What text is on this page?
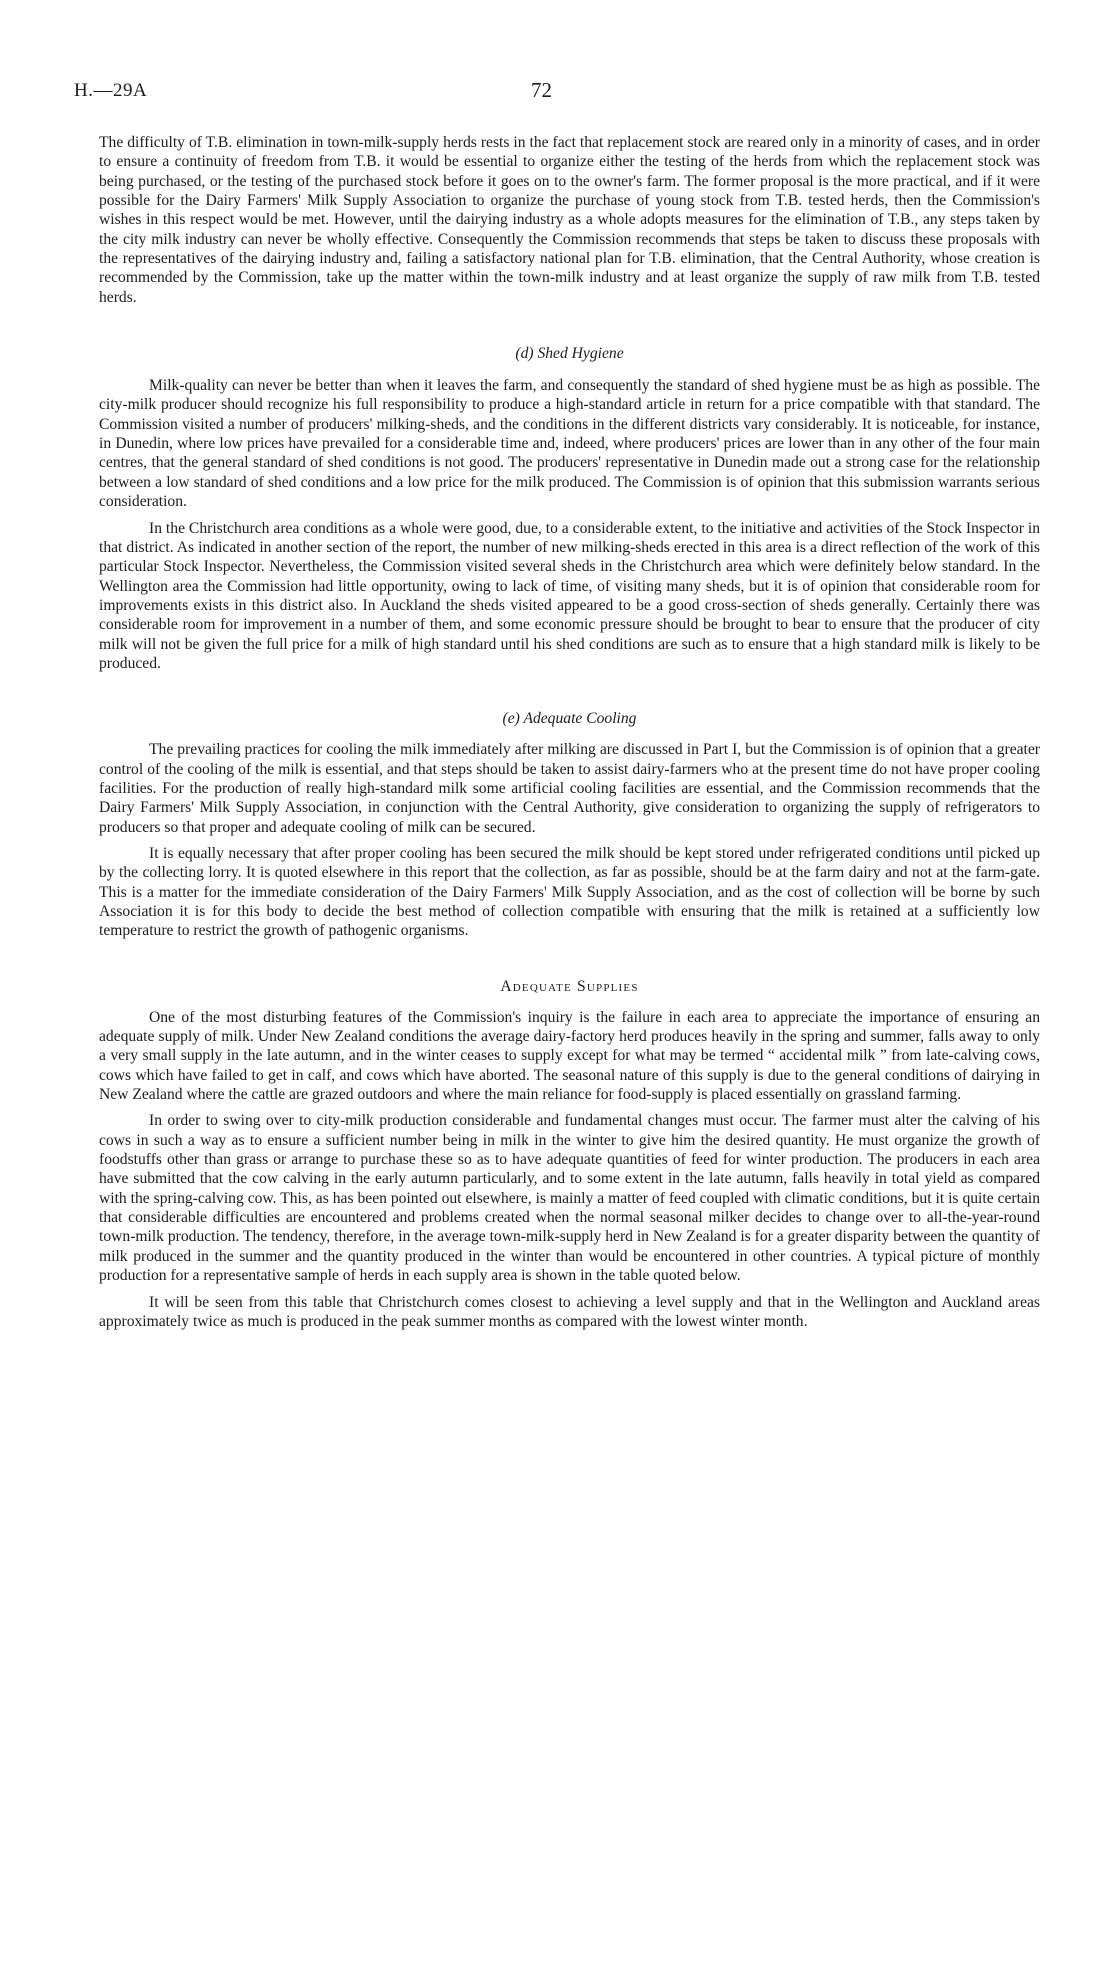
H.—29A	72

The difficulty of T.B. elimination in town-milk-supply herds rests in the fact that replacement stock are reared only in a minority of cases, and in order to ensure a continuity of freedom from T.B. it would be essential to organize either the testing of the herds from which the replacement stock was being purchased, or the testing of the purchased stock before it goes on to the owner's farm. The former proposal is the more practical, and if it were possible for the Dairy Farmers' Milk Supply Association to organize the purchase of young stock from T.B. tested herds, then the Commission's wishes in this respect would be met. However, until the dairying industry as a whole adopts measures for the elimination of T.B., any steps taken by the city milk industry can never be wholly effective. Consequently the Commission recommends that steps be taken to discuss these proposals with the representatives of the dairying industry and, failing a satisfactory national plan for T.B. elimination, that the Central Authority, whose creation is recommended by the Commission, take up the matter within the town-milk industry and at least organize the supply of raw milk from T.B. tested herds.

(d) Shed Hygiene

Milk-quality can never be better than when it leaves the farm, and consequently the standard of shed hygiene must be as high as possible. The city-milk producer should recognize his full responsibility to produce a high-standard article in return for a price compatible with that standard. The Commission visited a number of producers' milking-sheds, and the conditions in the different districts vary considerably. It is noticeable, for instance, in Dunedin, where low prices have prevailed for a considerable time and, indeed, where producers' prices are lower than in any other of the four main centres, that the general standard of shed conditions is not good. The producers' representative in Dunedin made out a strong case for the relationship between a low standard of shed conditions and a low price for the milk produced. The Commission is of opinion that this submission warrants serious consideration.

In the Christchurch area conditions as a whole were good, due, to a considerable extent, to the initiative and activities of the Stock Inspector in that district. As indicated in another section of the report, the number of new milking-sheds erected in this area is a direct reflection of the work of this particular Stock Inspector. Nevertheless, the Commission visited several sheds in the Christchurch area which were definitely below standard. In the Wellington area the Commission had little opportunity, owing to lack of time, of visiting many sheds, but it is of opinion that considerable room for improvements exists in this district also. In Auckland the sheds visited appeared to be a good cross-section of sheds generally. Certainly there was considerable room for improvement in a number of them, and some economic pressure should be brought to bear to ensure that the producer of city milk will not be given the full price for a milk of high standard until his shed conditions are such as to ensure that a high standard milk is likely to be produced.

(e) Adequate Cooling

The prevailing practices for cooling the milk immediately after milking are discussed in Part I, but the Commission is of opinion that a greater control of the cooling of the milk is essential, and that steps should be taken to assist dairy-farmers who at the present time do not have proper cooling facilities. For the production of really high-standard milk some artificial cooling facilities are essential, and the Commission recommends that the Dairy Farmers' Milk Supply Association, in conjunction with the Central Authority, give consideration to organizing the supply of refrigerators to producers so that proper and adequate cooling of milk can be secured.

It is equally necessary that after proper cooling has been secured the milk should be kept stored under refrigerated conditions until picked up by the collecting lorry. It is quoted elsewhere in this report that the collection, as far as possible, should be at the farm dairy and not at the farm-gate. This is a matter for the immediate consideration of the Dairy Farmers' Milk Supply Association, and as the cost of collection will be borne by such Association it is for this body to decide the best method of collection compatible with ensuring that the milk is retained at a sufficiently low temperature to restrict the growth of pathogenic organisms.

Adequate Supplies

One of the most disturbing features of the Commission's inquiry is the failure in each area to appreciate the importance of ensuring an adequate supply of milk. Under New Zealand conditions the average dairy-factory herd produces heavily in the spring and summer, falls away to only a very small supply in the late autumn, and in the winter ceases to supply except for what may be termed “ accidental milk ” from late-calving cows, cows which have failed to get in calf, and cows which have aborted. The seasonal nature of this supply is due to the general conditions of dairying in New Zealand where the cattle are grazed outdoors and where the main reliance for food-supply is placed essentially on grassland farming.

In order to swing over to city-milk production considerable and fundamental changes must occur. The farmer must alter the calving of his cows in such a way as to ensure a sufficient number being in milk in the winter to give him the desired quantity. He must organize the growth of foodstuffs other than grass or arrange to purchase these so as to have adequate quantities of feed for winter production. The producers in each area have submitted that the cow calving in the early autumn particularly, and to some extent in the late autumn, falls heavily in total yield as compared with the spring-calving cow. This, as has been pointed out elsewhere, is mainly a matter of feed coupled with climatic conditions, but it is quite certain that considerable difficulties are encountered and problems created when the normal seasonal milker decides to change over to all-the-year-round town-milk production. The tendency, therefore, in the average town-milk-supply herd in New Zealand is for a greater disparity between the quantity of milk produced in the summer and the quantity produced in the winter than would be encountered in other countries. A typical picture of monthly production for a representative sample of herds in each supply area is shown in the table quoted below.

It will be seen from this table that Christchurch comes closest to achieving a level supply and that in the Wellington and Auckland areas approximately twice as much is produced in the peak summer months as compared with the lowest winter month.
